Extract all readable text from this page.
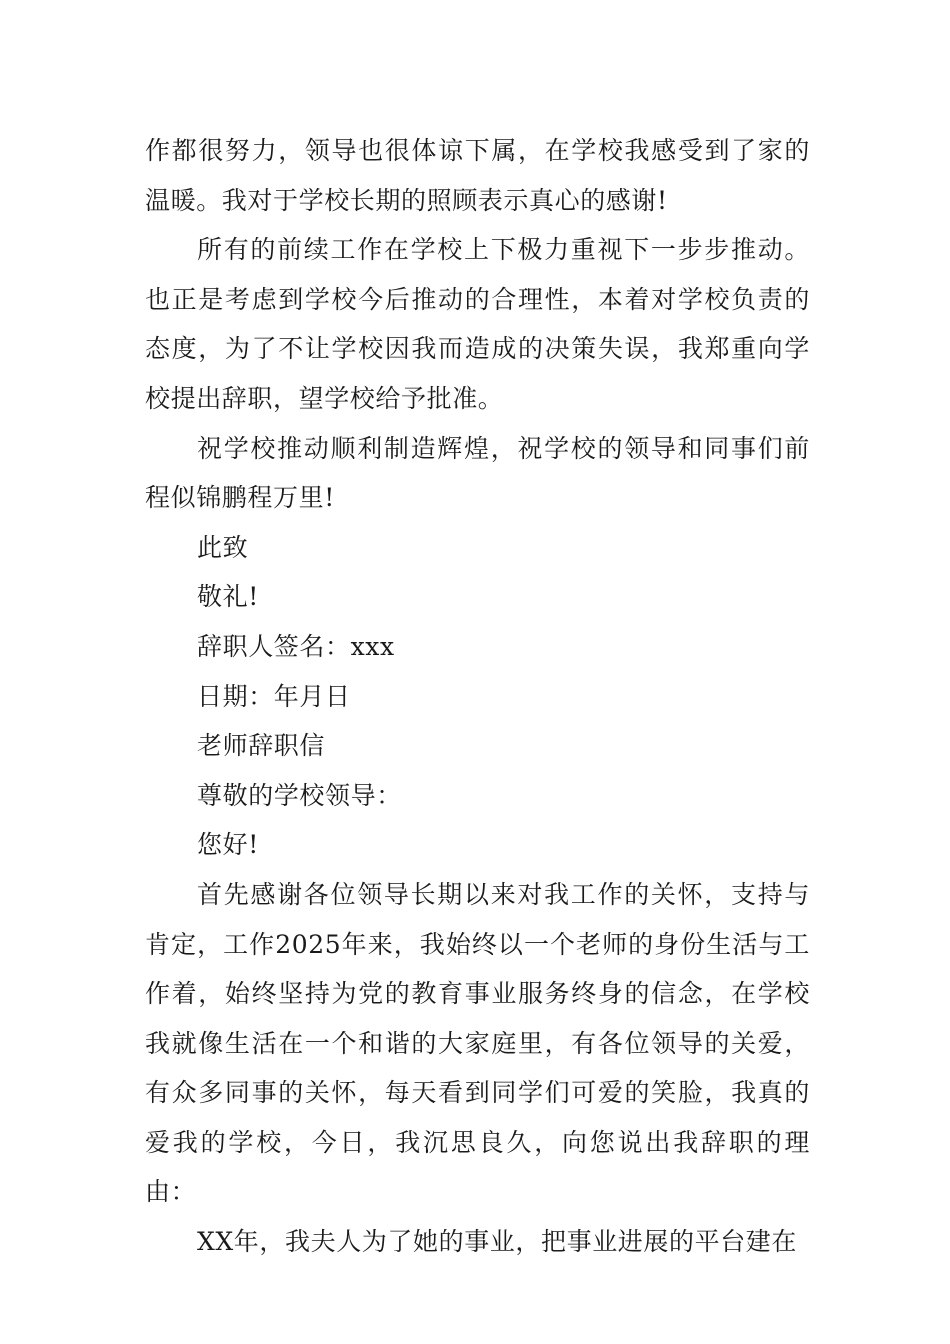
作都很努力，领导也很体谅下属，在学校我感受到了家的温暖。我对于学校长期的照顾表示真心的感谢!

所有的前续工作在学校上下极力重视下一步步推动。也正是考虑到学校今后推动的合理性，本着对学校负责的态度，为了不让学校因我而造成的决策失误，我郑重向学校提出辞职，望学校给予批准。

祝学校推动顺利制造辉煌，祝学校的领导和同事们前程似锦鹏程万里!

此致

敬礼!

辞职人签名：xxx

日期：年月日

老师辞职信

尊敬的学校领导：

您好!

首先感谢各位领导长期以来对我工作的关怀，支持与肯定，工作2025年来，我始终以一个老师的身份生活与工作着，始终坚持为党的教育事业服务终身的信念，在学校我就像生活在一个和谐的大家庭里，有各位领导的关爱，有众多同事的关怀，每天看到同学们可爱的笑脸，我真的爱我的学校，今日，我沉思良久，向您说出我辞职的理由：

XX年，我夫人为了她的事业，把事业进展的平台建在
